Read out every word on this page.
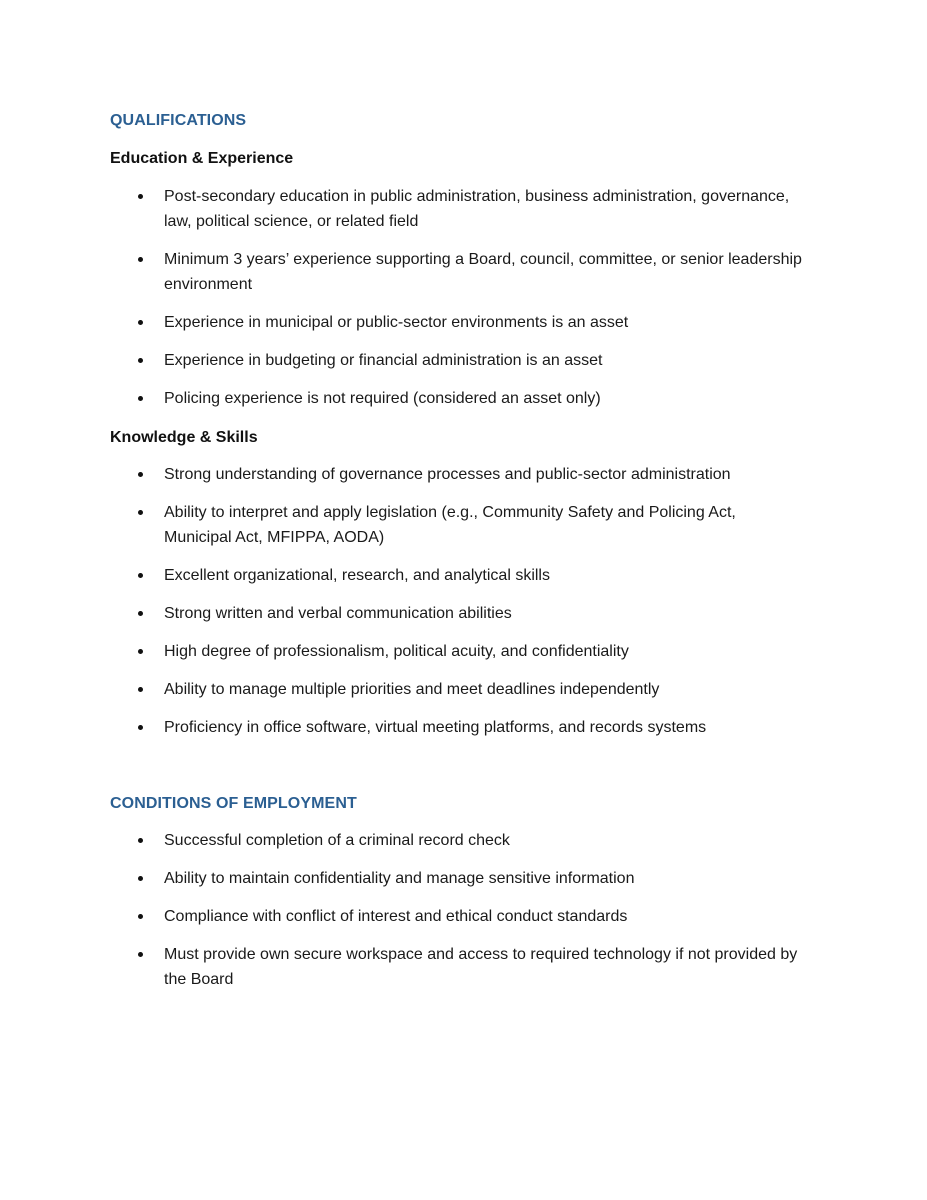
QUALIFICATIONS
Education & Experience
Post-secondary education in public administration, business administration, governance, law, political science, or related field
Minimum 3 years’ experience supporting a Board, council, committee, or senior leadership environment
Experience in municipal or public-sector environments is an asset
Experience in budgeting or financial administration is an asset
Policing experience is not required (considered an asset only)
Knowledge & Skills
Strong understanding of governance processes and public-sector administration
Ability to interpret and apply legislation (e.g., Community Safety and Policing Act, Municipal Act, MFIPPA, AODA)
Excellent organizational, research, and analytical skills
Strong written and verbal communication abilities
High degree of professionalism, political acuity, and confidentiality
Ability to manage multiple priorities and meet deadlines independently
Proficiency in office software, virtual meeting platforms, and records systems
CONDITIONS OF EMPLOYMENT
Successful completion of a criminal record check
Ability to maintain confidentiality and manage sensitive information
Compliance with conflict of interest and ethical conduct standards
Must provide own secure workspace and access to required technology if not provided by the Board
